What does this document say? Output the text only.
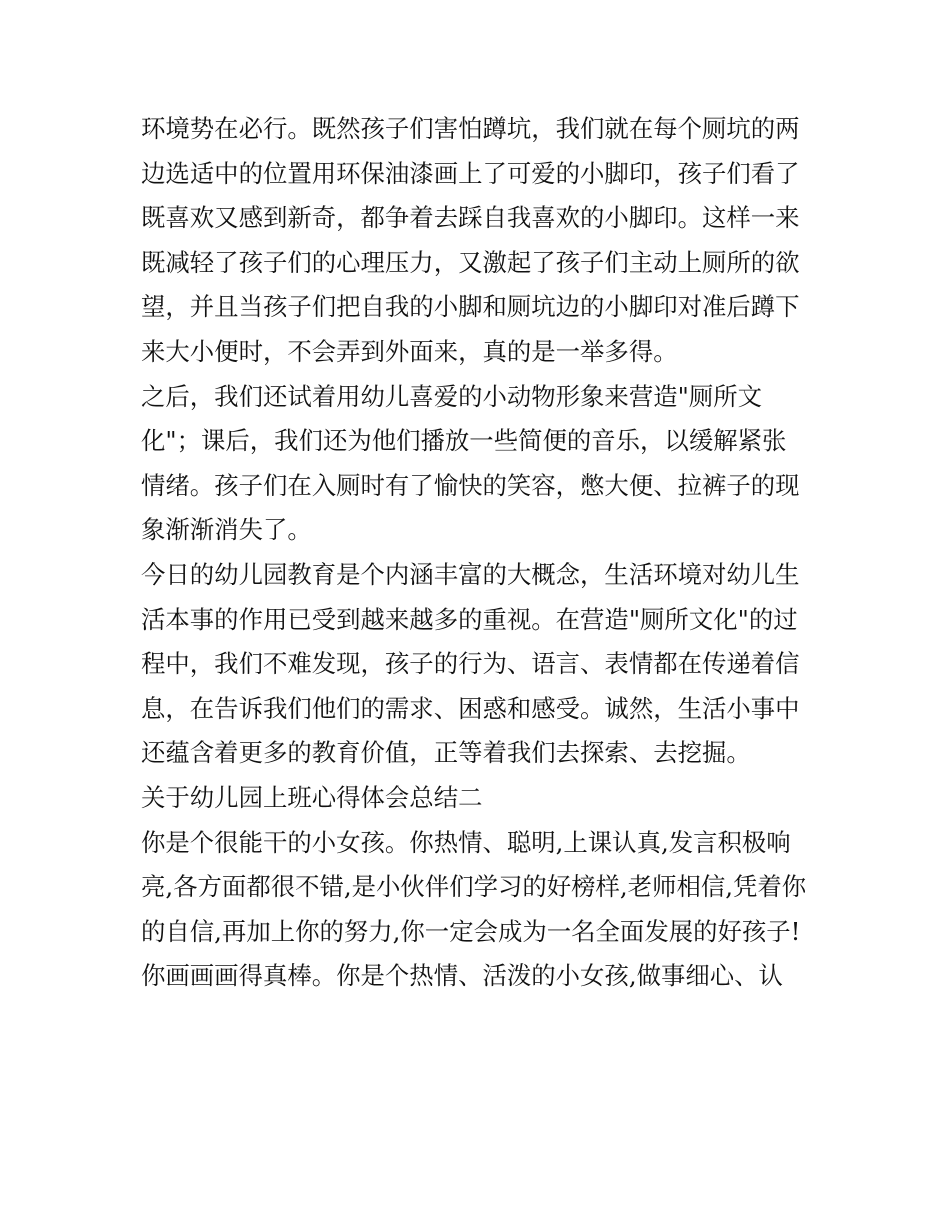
环境势在必行。既然孩子们害怕蹲坑，我们就在每个厕坑的两
边选适中的位置用环保油漆画上了可爱的小脚印，孩子们看了
既喜欢又感到新奇，都争着去踩自我喜欢的小脚印。这样一来
既减轻了孩子们的心理压力，又激起了孩子们主动上厕所的欲
望，并且当孩子们把自我的小脚和厕坑边的小脚印对准后蹲下
来大小便时，不会弄到外面来，真的是一举多得。
之后，我们还试着用幼儿喜爱的小动物形象来营造"厕所文
化"；课后，我们还为他们播放一些简便的音乐，以缓解紧张
情绪。孩子们在入厕时有了愉快的笑容，憋大便、拉裤子的现
象渐渐消失了。
今日的幼儿园教育是个内涵丰富的大概念，生活环境对幼儿生
活本事的作用已受到越来越多的重视。在营造"厕所文化"的过
程中，我们不难发现，孩子的行为、语言、表情都在传递着信
息，在告诉我们他们的需求、困惑和感受。诚然，生活小事中
还蕴含着更多的教育价值，正等着我们去探索、去挖掘。
关于幼儿园上班心得体会总结二
你是个很能干的小女孩。你热情、聪明,上课认真,发言积极响
亮,各方面都很不错,是小伙伴们学习的好榜样,老师相信,凭着你
的自信,再加上你的努力,你一定会成为一名全面发展的好孩子!
你画画画得真棒。你是个热情、活泼的小女孩,做事细心、认
